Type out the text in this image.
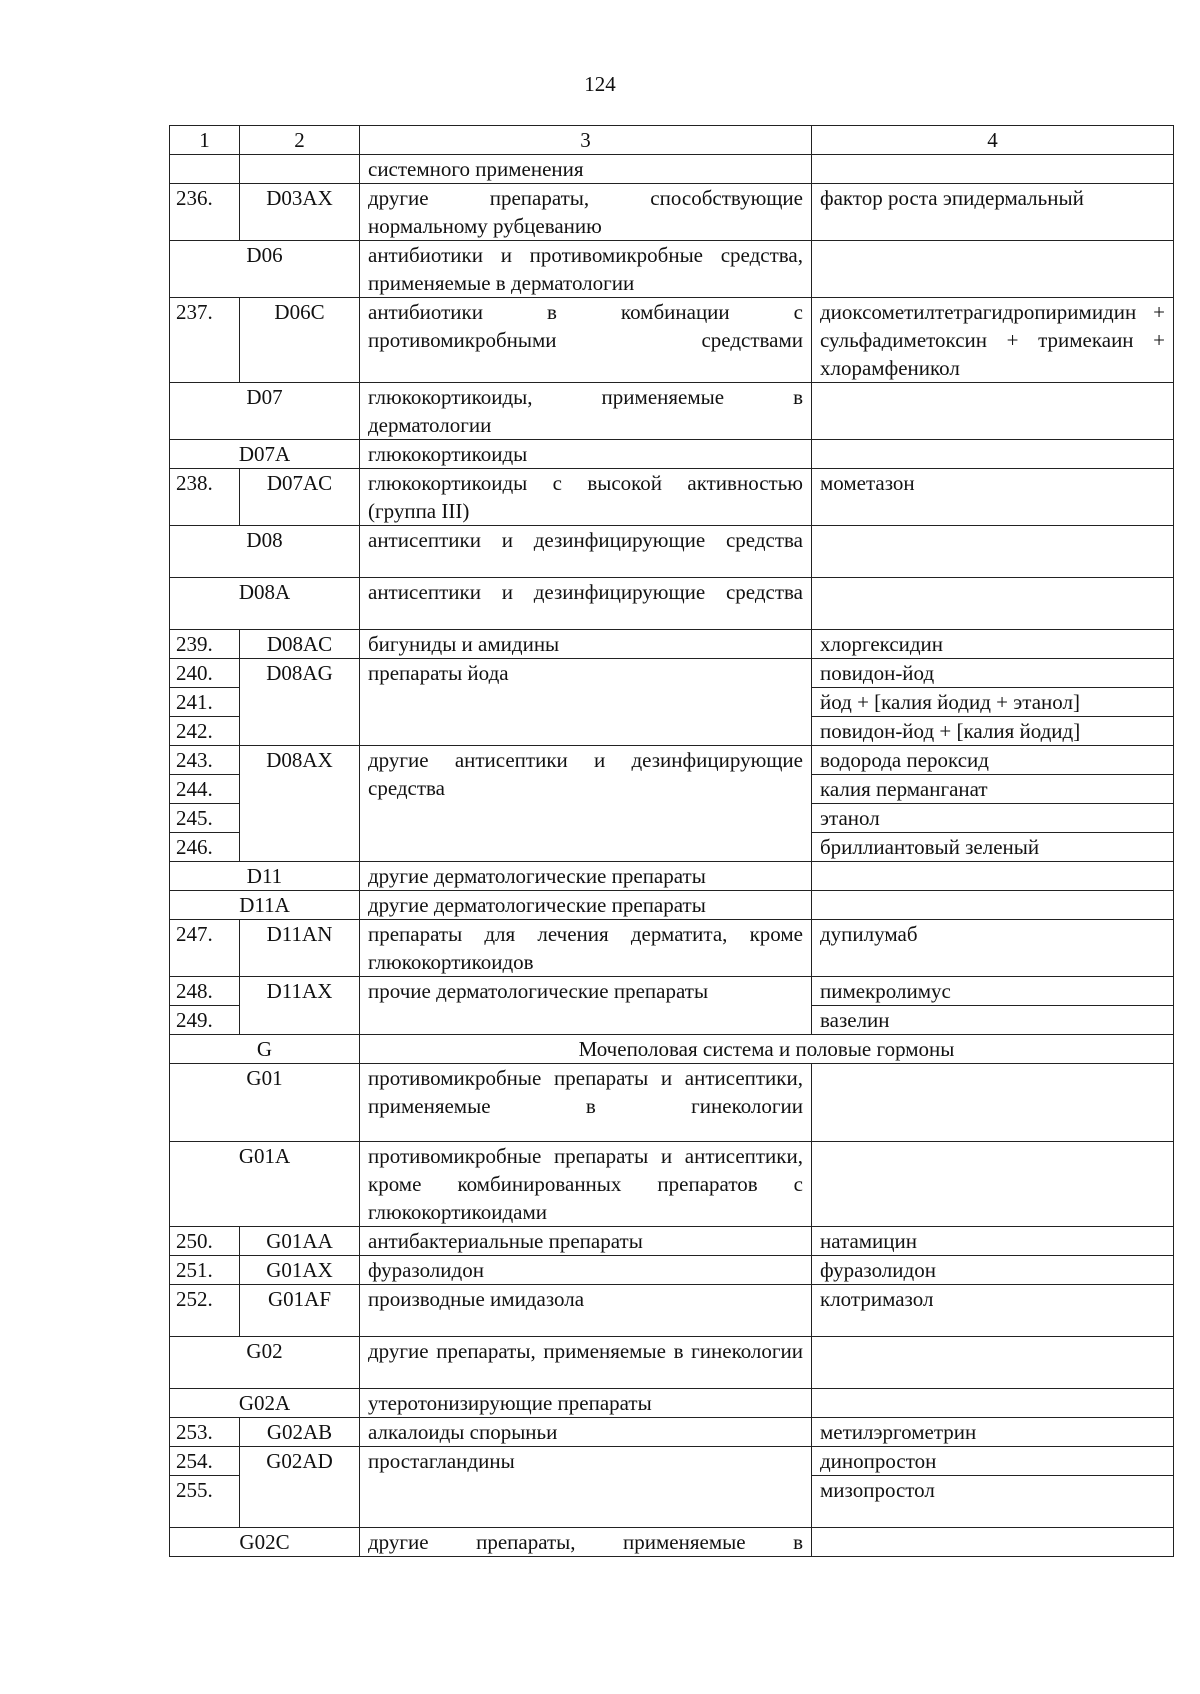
124
1	2	3	4
		системного применения	
236.	D03AX	другие препараты, способствующие нормальному рубцеванию	фактор роста эпидермальный
D06		антибиотики и противомикробные средства, применяемые в дерматологии	
237.	D06C	антибиотики в комбинации с противомикробными средствами	диоксометилтетрагидропиримидин + сульфадиметоксин + тримекаин + хлорамфеникол
D07		глюкокортикоиды, применяемые в дерматологии	
D07A		глюкокортикоиды	
238.	D07AC	глюкокортикоиды с высокой активностью (группа III)	мометазон
D08		антисептики и дезинфицирующие средства	
D08A		антисептики и дезинфицирующие средства	
239.	D08AC	бигуниды и амидины	хлоргексидин
240.	D08AG	препараты йода	повидон-йод
241.			йод + [калия йодид + этанол]
242.			повидон-йод + [калия йодид]
243.	D08AX	другие антисептики и дезинфицирующие средства	водорода пероксид
244.			калия перманганат
245.			этанол
246.			бриллиантовый зеленый
D11		другие дерматологические препараты	
D11A		другие дерматологические препараты	
247.	D11AN	препараты для лечения дерматита, кроме глюкокортикоидов	дупилумаб
248.	D11AX	прочие дерматологические препараты	пимекролимус
249.			вазелин
G		Мочеполовая система и половые гормоны	
G01		противомикробные препараты и антисептики, применяемые в гинекологии	
G01A		противомикробные препараты и антисептики, кроме комбинированных препаратов с глюкокортикоидами	
250.	G01AA	антибактериальные препараты	натамицин
251.	G01AX	фуразолидон	фуразолидон
252.	G01AF	производные имидазола	клотримазол
G02		другие препараты, применяемые в гинекологии	
G02A		утеротонизирующие препараты	
253.	G02AB	алкалоиды спорыньи	метилэргометрин
254.	G02AD	простагландины	динопростон
255.			мизопростол
G02C		другие препараты, применяемые в	
